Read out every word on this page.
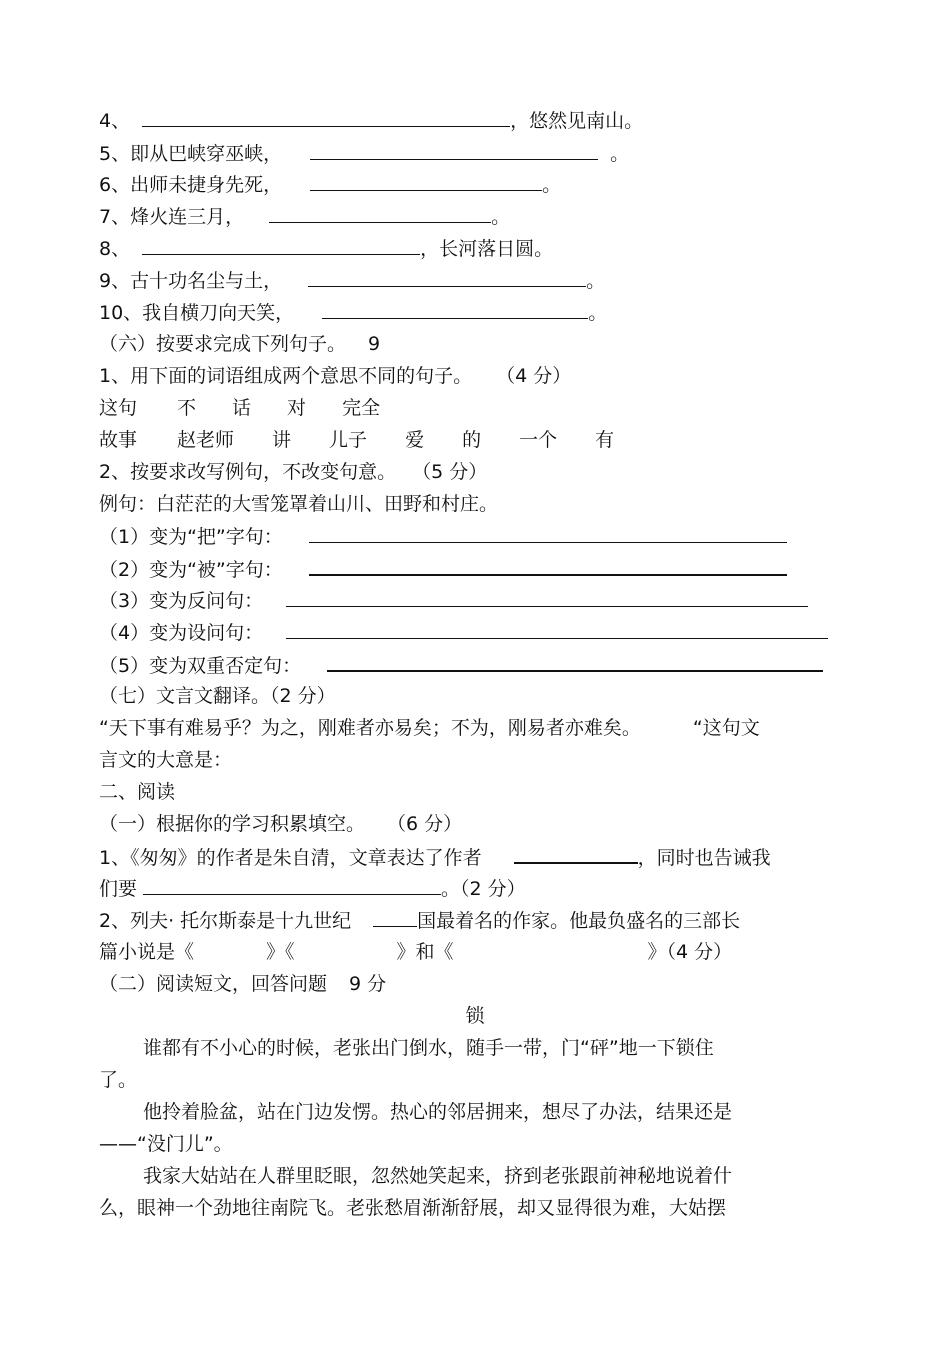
4、	，悠然见南山。
5、即从巴峡穿巫峡，	。
6、出师未捷身先死，	。
7、烽火连三月，	。
8、	，长河落日圆。
9、古十功名尘与土，	。
10、我自横刀向天笑，	。
（六）按要求完成下列句子。 9
1、用下面的词语组成两个意思不同的句子。 （4 分）
这句 不 话 对 完全
故事 赵老师 讲 儿子 爱 的 一个 有
2、按要求改写例句，不改变句意。 （5 分）
例句：白茫茫的大雪笼罩着山川、田野和村庄。
（1）变为“把”字句：
（2）变为“被”字句：
（3）变为反问句：
（4）变为设问句：
（5）变为双重否定句：
（七）文言文翻译。（2 分）
“天下事有难易乎？为之，刚难者亦易矣；不为，刚易者亦难矣。	“这句文
言文的大意是：
二、阅读
（一）根据你的学习积累填空。 （6 分）
1、《匆匆》的作者是朱自清，文章表达了作者	，同时也告诫我
们要	。（2 分）
2、列夫· 托尔斯泰是十九世纪	国最着名的作家。他最负盛名的三部长
篇小说是《	》《	》和《	》（4 分）
（二）阅读短文，回答问题 9 分
锁
谁都有不小心的时候，老张出门倒水，随手一带，门“砰”地一下锁住
了。
他拎着脸盆，站在门边发愣。热心的邻居拥来，想尽了办法，结果还是
——“没门儿”。
我家大姑站在人群里眨眼，忽然她笑起来，挤到老张跟前神秘地说着什
么，眼神一个劲地往南院飞。老张愁眉渐渐舒展，却又显得很为难，大姑摆
